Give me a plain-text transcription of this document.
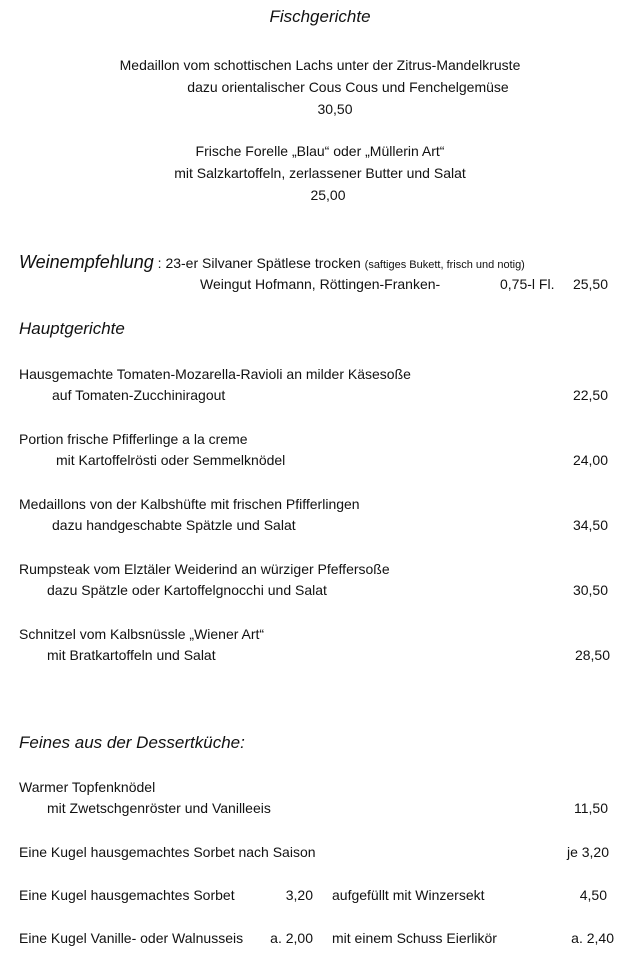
Fischgerichte
Medaillon vom schottischen Lachs unter der Zitrus-Mandelkruste
dazu orientalischer Cous Cous und Fenchelgemüse
30,50
Frische Forelle „Blau“ oder „Müllerin Art“
mit Salzkartoffeln, zerlassener Butter und Salat
25,00
Weinempfehlung : 23-er Silvaner Spätlese trocken (saftiges Bukett, frisch und notig)
Weingut Hofmann, Röttingen-Franken-	0,75-l Fl.	25,50
Hauptgerichte
Hausgemachte Tomaten-Mozarella-Ravioli an milder Käsesoße
auf Tomaten-Zucchiniragout	22,50
Portion frische Pfifferlinge a la creme
mit Kartoffelrösti oder Semmelknödel	24,00
Medaillons von der Kalbshüfte mit frischen Pfifferlingen
dazu handgeschabte Spätzle und Salat	34,50
Rumpsteak vom Elztäler Weiderind an würziger Pfeffersoße
dazu Spätzle oder Kartoffelgnocchi und Salat	30,50
Schnitzel vom Kalbsnüssle „Wiener Art“
mit Bratkartoffeln und Salat	28,50
Feines aus der Dessertküche:
Warmer Topfenknödel
mit Zwetschgenröster und Vanilleeis	11,50
Eine Kugel hausgemachtes Sorbet nach Saison	je 3,20
Eine Kugel hausgemachtes Sorbet	3,20 aufgefüllt mit Winzersekt	4,50
Eine Kugel Vanille- oder Walnusseis	a. 2,00 mit einem Schuss Eierlikör	a. 2,40
